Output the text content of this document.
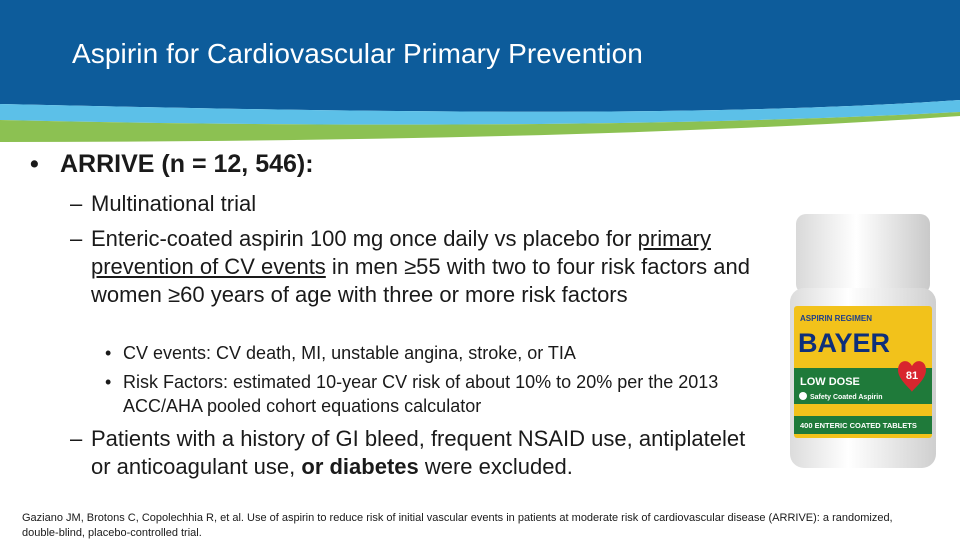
Aspirin for Cardiovascular Primary Prevention
• ARRIVE (n = 12, 546):
– Multinational trial
– Enteric-coated aspirin 100 mg once daily vs placebo for primary prevention of CV events in men ≥55 with two to four risk factors and women ≥60 years of age with three or more risk factors
• CV events: CV death, MI, unstable angina, stroke, or TIA
• Risk Factors: estimated 10-year CV risk of about 10% to 20% per the 2013 ACC/AHA pooled cohort equations calculator
– Patients with a history of GI bleed, frequent NSAID use, antiplatelet or anticoagulant use, or diabetes were excluded.
Gaziano JM, Brotons C, Copolechhia R, et al. Use of aspirin to reduce risk of initial vascular events in patients at moderate risk of cardiovascular disease (ARRIVE): a randomized, double-blind, placebo-controlled trial.
ASPIRIN REGIMEN
BAYER
LOW DOSE
Safety Coated Aspirin
81
400 ENTERIC COATED TABLETS
